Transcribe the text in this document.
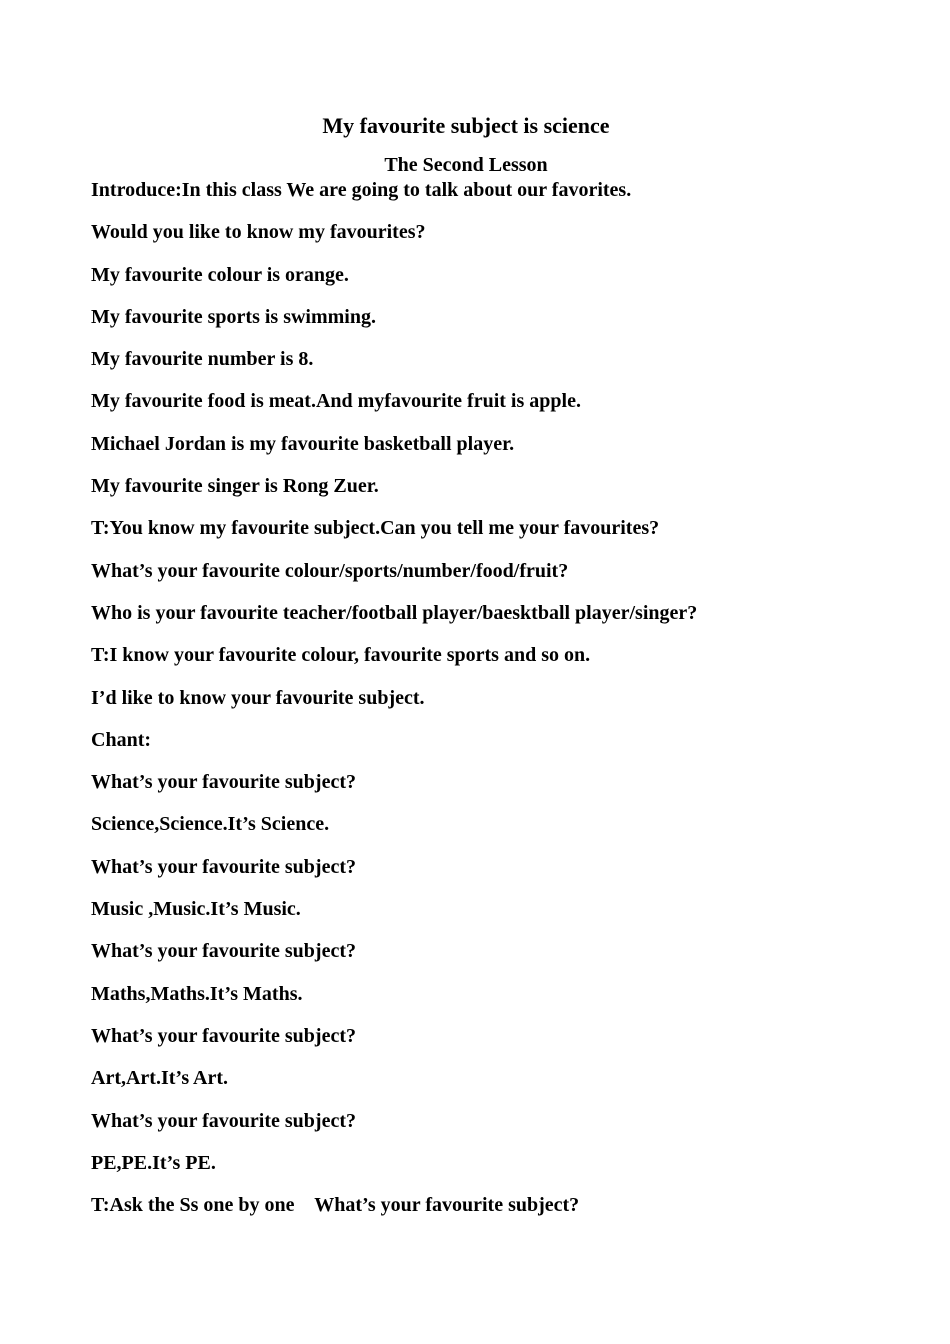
My favourite subject is science
The Second Lesson
Introduce:In this class We are going to talk about our favorites.
Would you like to know my favourites?
My favourite colour is orange.
My favourite sports is swimming.
My favourite number is 8.
My favourite food is meat.And myfavourite fruit is apple.
Michael Jordan is my favourite basketball player.
My favourite singer is Rong Zuer.
T:You know my favourite subject.Can you tell me your favourites?
What’s your favourite colour/sports/number/food/fruit?
Who is your favourite teacher/football player/baesktball player/singer?
T:I know your favourite colour, favourite sports and so on.
I’d like to know your favourite subject.
Chant:
What’s your favourite subject?
Science,Science.It’s Science.
What’s your favourite subject?
Music ,Music.It’s Music.
What’s your favourite subject?
Maths,Maths.It’s Maths.
What’s your favourite subject?
Art,Art.It’s Art.
What’s your favourite subject?
PE,PE.It’s PE.
T:Ask the Ss one by one    What’s your favourite subject?
